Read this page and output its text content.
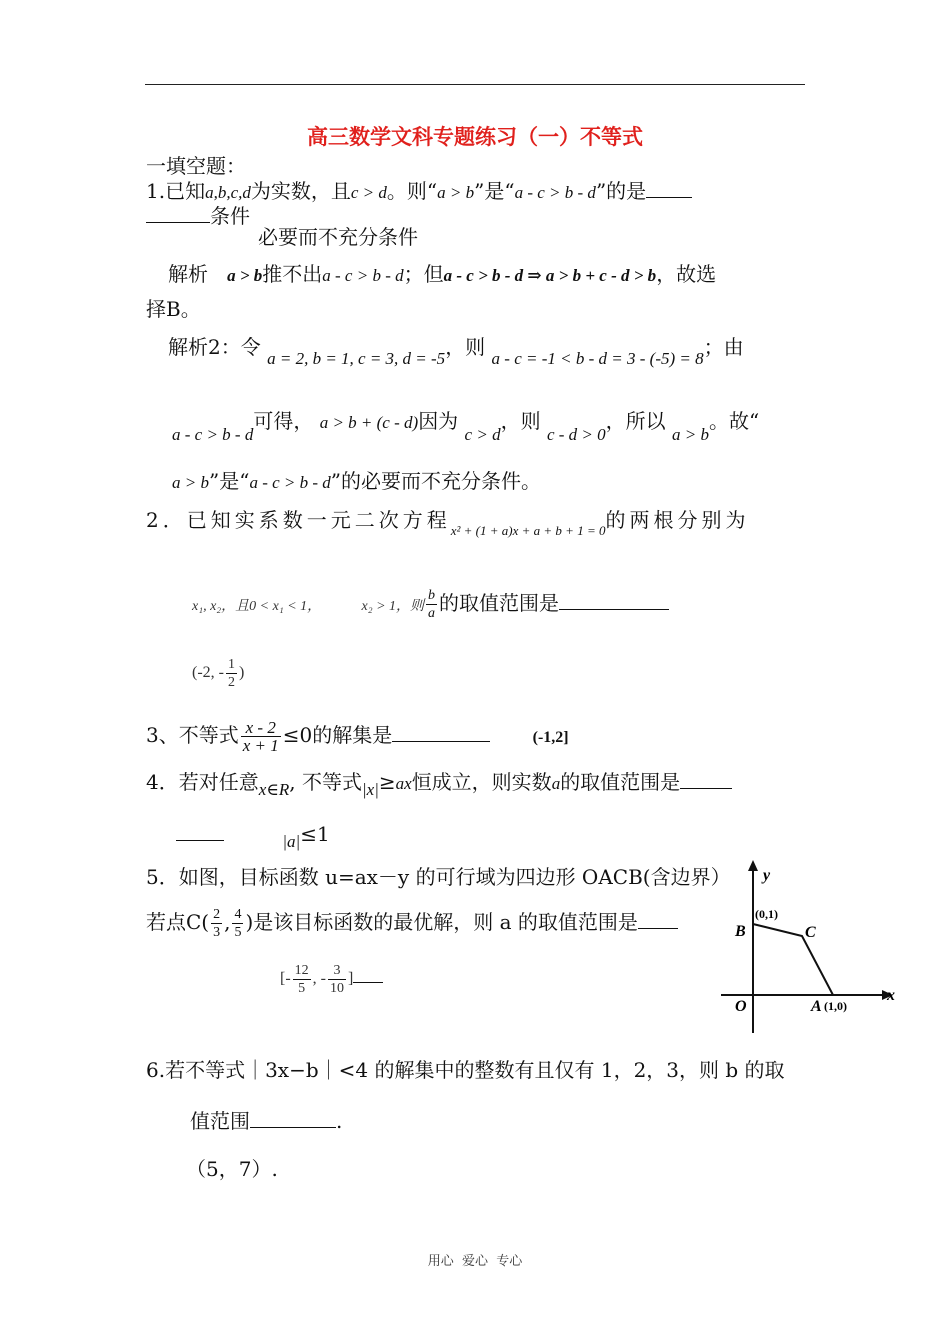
高三数学文科专题练习（一）不等式
一填空题：
1.已知a,b,c,d为实数，且c > d。则“a > b”是“a - c > b - d”的是
条件
必要而不充分条件
解析 a > b推不出a - c > b - d；但a - c > b - d ⇒ a > b + c - d > b，故选
择B。
解析2：令 $_{a = 2, b = 1, c = 3, d = -5}$，则 $_{a - c = -1 < b - d = 3 - (-5) = 8}$；由
$_{a - c > b - d}$可得， a > b + (c - d)因为 $_{c > d}$，则 $_{c - d > 0}$，所以 $_{a > b}$。故“
a > b”是“a - c > b - d”的必要而不充分条件。
2．已知实系数一元二次方程$_{x^2 + (1 + a)x + a + b + 1 = 0}$的两根分别为
x₁, x₂，且0 < x₁ < 1，	x₂ > 1，则 $\frac{b}{a}$ 的取值范围是
(-2, - $\frac{1}{2}$ )
3、不等式 $\frac{x - 2}{x + 1} \le 0$的解集是	(-1,2]
4．若对任意$_{x\in R}$, 不等式$_{|x|}$≥ax恒成立，则实数a的取值范围是
$_{|a|}$≤1
5．如图，目标函数 u=ax－y 的可行域为四边形 OACB(含边界）
若点$C( \frac{2}{3}$ , $\frac{4}{5}$ )是该目标函数的最优解，则 a 的取值范围是
[- $\frac{12}{5}$ , - $\frac{3}{10}$ ]
y
x
(0,1)
B	C
O	A (1,0)
6.若不等式｜3x−b｜<4 的解集中的整数有且仅有 1，2，3，则 b 的取
值范围	.
（5，7）.
用心  爱心  专心
